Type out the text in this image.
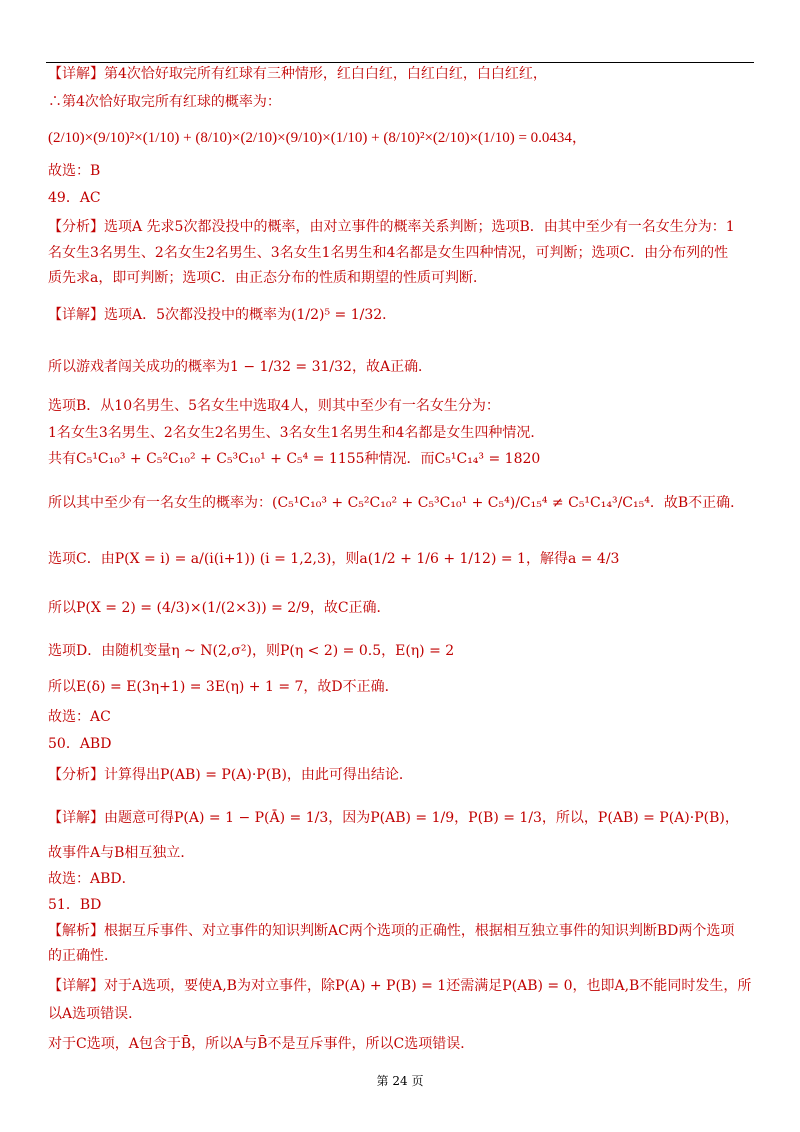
【详解】第4次恰好取完所有红球有三种情形，红白白红，白红白红，白白红红，
∴第4次恰好取完所有红球的概率为：
(2/10)×(9/10)²×(1/10) + (8/10)×(2/10)×(9/10)×(1/10) + (8/10)²×(2/10)×(1/10) = 0.0434，
故选：B
49．AC
【分析】选项A 先求5次都没投中的概率，由对立事件的概率关系判断；选项B．由其中至少有一名女生分为：1
名女生3名男生、2名女生2名男生、3名女生1名男生和4名都是女生四种情况，可判断；选项C．由分布列的性
质先求a，即可判断；选项C．由正态分布的性质和期望的性质可判断．
【详解】选项A．5次都没投中的概率为(1/2)⁵ = 1/32．
所以游戏者闯关成功的概率为1 − 1/32 = 31/32，故A正确．
选项B．从10名男生、5名女生中选取4人，则其中至少有一名女生分为：
1名女生3名男生、2名女生2名男生、3名女生1名男生和4名都是女生四种情况．
共有C₅¹C₁₀³ + C₅²C₁₀² + C₅³C₁₀¹ + C₅⁴ = 1155种情况．而C₅¹C₁₄³ = 1820
所以其中至少有一名女生的概率为：(C₅¹C₁₀³ + C₅²C₁₀² + C₅³C₁₀¹ + C₅⁴)/C₁₅⁴ ≠ C₅¹C₁₄³/C₁₅⁴．故B不正确．
选项C．由P(X = i) = a/(i(i+1)) (i = 1,2,3)，则a(1/2 + 1/6 + 1/12) = 1，解得a = 4/3
所以P(X = 2) = (4/3)×(1/(2×3)) = 2/9，故C正确．
选项D．由随机变量η ~ N(2,σ²)，则P(η < 2) = 0.5，E(η) = 2
所以E(δ) = E(3η+1) = 3E(η) + 1 = 7，故D不正确．
故选：AC
50．ABD
【分析】计算得出P(AB) = P(A)·P(B)，由此可得出结论．
【详解】由题意可得P(A) = 1 − P(Ā) = 1/3，因为P(AB) = 1/9，P(B) = 1/3，所以，P(AB) = P(A)·P(B)，
故事件A与B相互独立．
故选：ABD．
51．BD
【解析】根据互斥事件、对立事件的知识判断AC两个选项的正确性，根据相互独立事件的知识判断BD两个选项
的正确性．
【详解】对于A选项，要使A,B为对立事件，除P(A) + P(B) = 1还需满足P(AB) = 0，也即A,B不能同时发生，所
以A选项错误．
对于C选项，A包含于B̄，所以A与B̄不是互斥事件，所以C选项错误．
第 24 页
